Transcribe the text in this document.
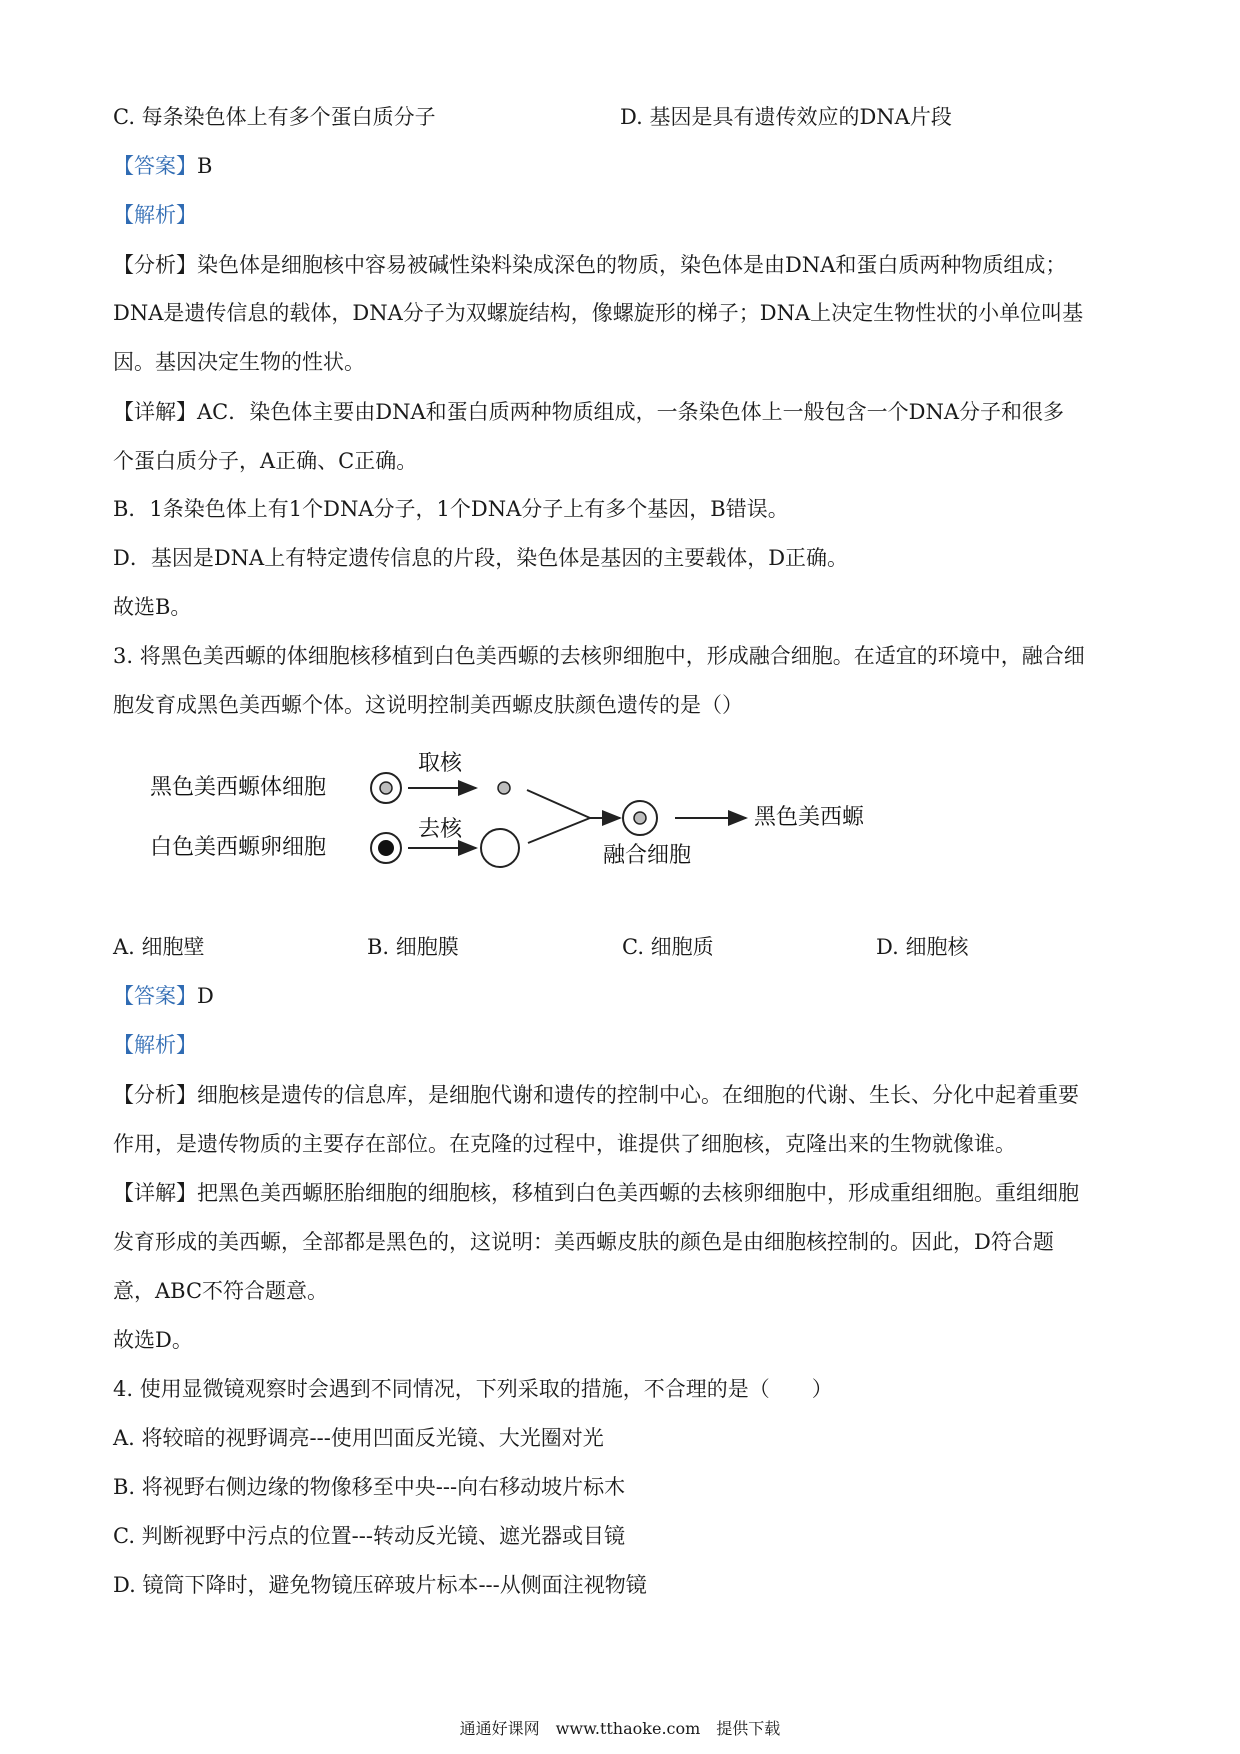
C. 每条染色体上有多个蛋白质分子	D. 基因是具有遗传效应的DNA片段
【答案】B
【解析】
【分析】染色体是细胞核中容易被碱性染料染成深色的物质，染色体是由DNA和蛋白质两种物质组成；
DNA是遗传信息的载体，DNA分子为双螺旋结构，像螺旋形的梯子；DNA上决定生物性状的小单位叫基
因。基因决定生物的性状。
【详解】AC．染色体主要由DNA和蛋白质两种物质组成，一条染色体上一般包含一个DNA分子和很多
个蛋白质分子，A正确、C正确。
B．1条染色体上有1个DNA分子，1个DNA分子上有多个基因，B错误。
D．基因是DNA上有特定遗传信息的片段，染色体是基因的主要载体，D正确。
故选B。
3. 将黑色美西螈的体细胞核移植到白色美西螈的去核卵细胞中，形成融合细胞。在适宜的环境中，融合细
胞发育成黑色美西螈个体。这说明控制美西螈皮肤颜色遗传的是（）
黑色美西螈体细胞
白色美西螈卵细胞
取核
去核
融合细胞
黑色美西螈
A. 细胞壁	B. 细胞膜	C. 细胞质	D. 细胞核
【答案】D
【解析】
【分析】细胞核是遗传的信息库，是细胞代谢和遗传的控制中心。在细胞的代谢、生长、分化中起着重要
作用，是遗传物质的主要存在部位。在克隆的过程中，谁提供了细胞核，克隆出来的生物就像谁。
【详解】把黑色美西螈胚胎细胞的细胞核，移植到白色美西螈的去核卵细胞中，形成重组细胞。重组细胞
发育形成的美西螈，全部都是黑色的，这说明：美西螈皮肤的颜色是由细胞核控制的。因此，D符合题
意，ABC不符合题意。
故选D。
4. 使用显微镜观察时会遇到不同情况，下列采取的措施，不合理的是（　　）
A. 将较暗的视野调亮---使用凹面反光镜、大光圈对光
B. 将视野右侧边缘的物像移至中央---向右移动坡片标木
C. 判断视野中污点的位置---转动反光镜、遮光器或目镜
D. 镜筒下降时，避免物镜压碎玻片标本---从侧面注视物镜
通通好课网　www.tthaoke.com　提供下载
